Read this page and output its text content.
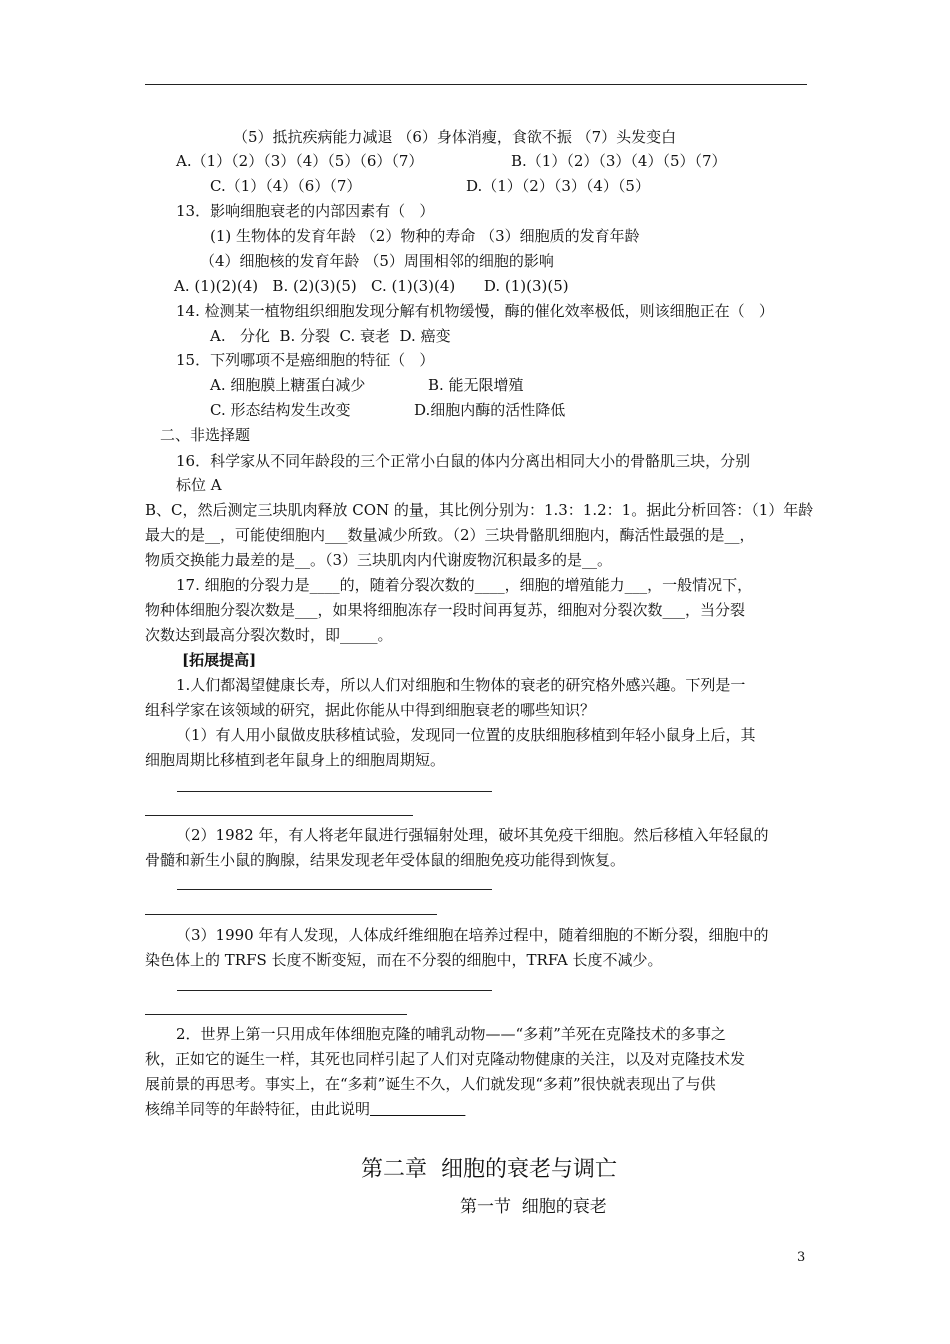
（5）抵抗疾病能力减退 （6）身体消瘦，食欲不振 （7）头发变白
A.（1）（2）（3）（4）（5）（6）（7）	B.（1）（2）（3）（4）（5）（7）
C.（1）（4）（6）（7）	D.（1）（2）（3）（4）（5）
13．影响细胞衰老的内部因素有（   ）
(1) 生物体的发育年龄 （2）物种的寿命 （3）细胞质的发育年龄
（4）细胞核的发育年龄 （5）周围相邻的细胞的影响
A. (1)(2)(4)   B. (2)(3)(5)   C. (1)(3)(4)      D. (1)(3)(5)
14. 检测某一植物组织细胞发现分解有机物缓慢，酶的催化效率极低，则该细胞正在（   ）
A.   分化  B. 分裂  C. 衰老  D. 癌变
15．下列哪项不是癌细胞的特征（   ）
A. 细胞膜上糖蛋白减少	B. 能无限增殖
C. 形态结构发生改变	D.细胞内酶的活性降低
二、非选择题
16．科学家从不同年龄段的三个正常小白鼠的体内分离出相同大小的骨骼肌三块，分别
标位 A
B、C，然后测定三块肌肉释放 CON 的量，其比例分别为：1.3：1.2：1。据此分析回答：（1）年龄
最大的是__，可能使细胞内___数量减少所致。（2）三块骨骼肌细胞内，酶活性最强的是__，
物质交换能力最差的是__。（3）三块肌肉内代谢废物沉积最多的是__。
17. 细胞的分裂力是____的，随着分裂次数的____，细胞的增殖能力___，一般情况下，
物种体细胞分裂次数是___，如果将细胞冻存一段时间再复苏，细胞对分裂次数___，当分裂
次数达到最高分裂次数时，即_____。
[拓展提高]
1.人们都渴望健康长寿，所以人们对细胞和生物体的衰老的研究格外感兴趣。下列是一
组科学家在该领域的研究，据此你能从中得到细胞衰老的哪些知识？
（1）有人用小鼠做皮肤移植试验，发现同一位置的皮肤细胞移植到年轻小鼠身上后，其
细胞周期比移植到老年鼠身上的细胞周期短。
（2）1982 年，有人将老年鼠进行强辐射处理，破坏其免疫干细胞。然后移植入年轻鼠的
骨髓和新生小鼠的胸腺，结果发现老年受体鼠的细胞免疫功能得到恢复。
（3）1990 年有人发现，人体成纤维细胞在培养过程中，随着细胞的不断分裂，细胞中的
染色体上的 TRFS 长度不断变短，而在不分裂的细胞中，TRFA 长度不减少。
2．世界上第一只用成年体细胞克隆的哺乳动物——“多莉”羊死在克隆技术的多事之
秋，正如它的诞生一样，其死也同样引起了人们对克隆动物健康的关注，以及对克隆技术发
展前景的再思考。事实上，在“多莉”诞生不久，人们就发现“多莉”很快就表现出了与供
核绵羊同等的年龄特征，由此说明
第二章  细胞的衰老与调亡
第一节  细胞的衰老
3
